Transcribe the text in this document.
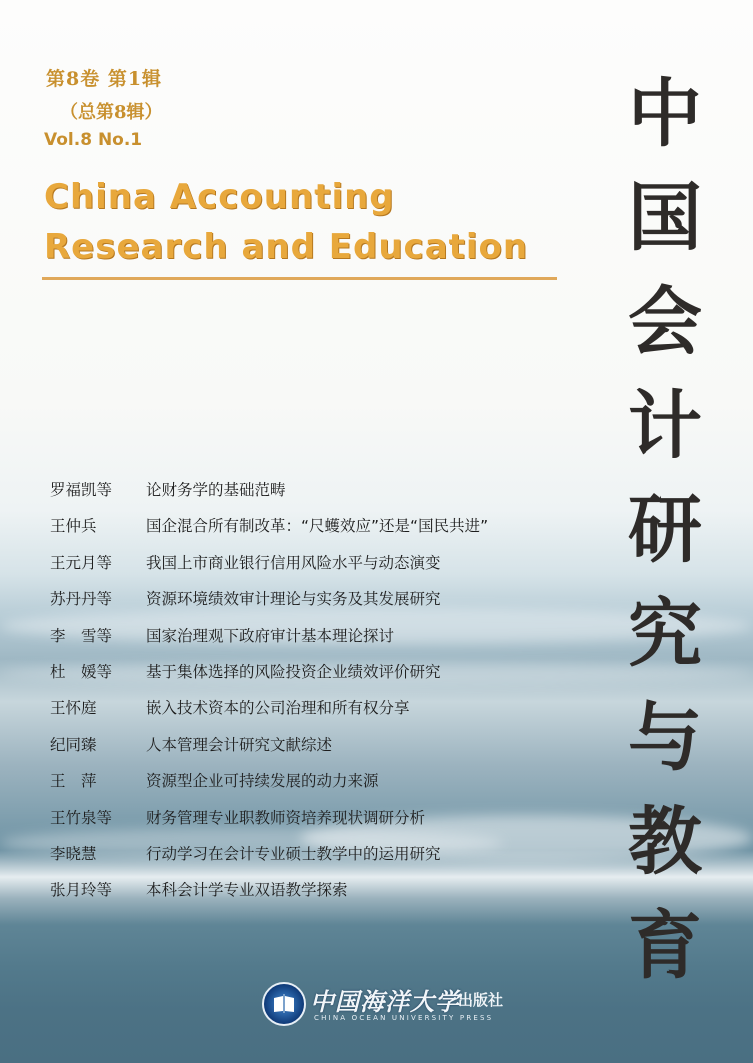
第8卷 第1辑
（总第8辑）
Vol.8 No.1
China Accounting
Research and Education
中
国
会
计
研
究
与
教
育
罗福凯等 论财务学的基础范畴
王仲兵	国企混合所有制改革：“尺蠖效应”还是“国民共进”
王元月等 我国上市商业银行信用风险水平与动态演变
苏丹丹等 资源环境绩效审计理论与实务及其发展研究
李　雪等 国家治理观下政府审计基本理论探讨
杜　媛等 基于集体选择的风险投资企业绩效评价研究
王怀庭	嵌入技术资本的公司治理和所有权分享
纪同臻	人本管理会计研究文献综述
王　萍	资源型企业可持续发展的动力来源
王竹泉等 财务管理专业职教师资培养现状调研分析
李晓慧	行动学习在会计专业硕士教学中的运用研究
张月玲等 本科会计学专业双语教学探索
中国海洋大学
出版社
CHINA OCEAN UNIVERSITY PRESS
